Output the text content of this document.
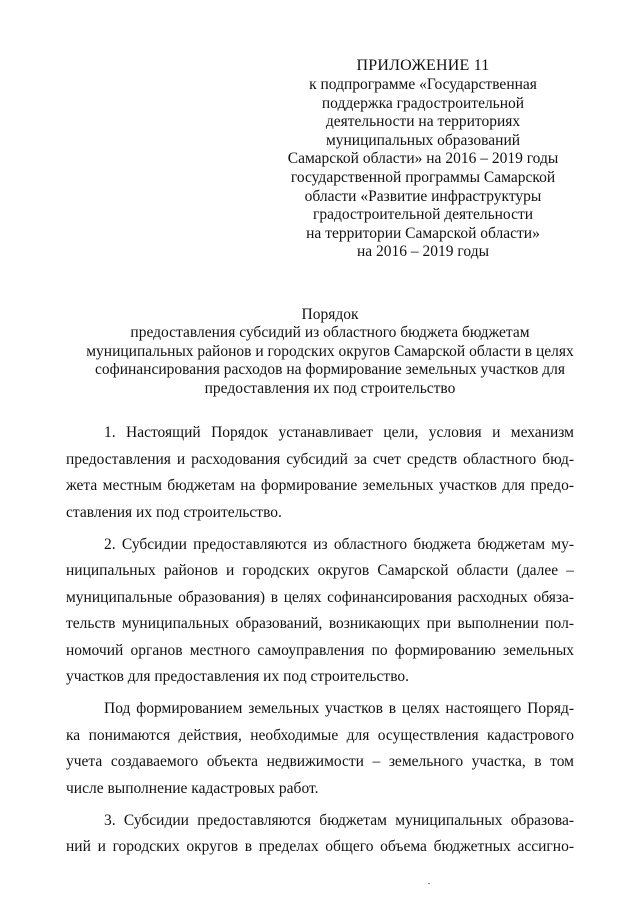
ПРИЛОЖЕНИЕ 11
к подпрограмме «Государственная
поддержка градостроительной
деятельности на территориях
муниципальных образований
Самарской области» на 2016 – 2019 годы
государственной программы Самарской
области «Развитие инфраструктуры
градостроительной деятельности
на территории Самарской области»
на 2016 – 2019 годы
Порядок
предоставления субсидий из областного бюджета бюджетам
муниципальных районов и городских округов Самарской области в целях
софинансирования расходов на формирование земельных участков для
предоставления их под строительство
1. Настоящий Порядок устанавливает цели, условия и механизм
предоставления и расходования субсидий за счет средств областного бюд-
жета местным бюджетам на формирование земельных участков для предо-
ставления их под строительство.
2. Субсидии предоставляются из областного бюджета бюджетам му-
ниципальных районов и городских округов Самарской области (далее –
муниципальные образования) в целях софинансирования расходных обяза-
тельств муниципальных образований, возникающих при выполнении пол-
номочий органов местного самоуправления по формированию земельных
участков для предоставления их под строительство.
Под формированием земельных участков в целях настоящего Поряд-
ка понимаются действия, необходимые для осуществления кадастрового
учета создаваемого объекта недвижимости – земельного участка, в том
числе выполнение кадастровых работ.
3. Субсидии предоставляются бюджетам муниципальных образова-
ний и городских округов в пределах общего объема бюджетных ассигно-
